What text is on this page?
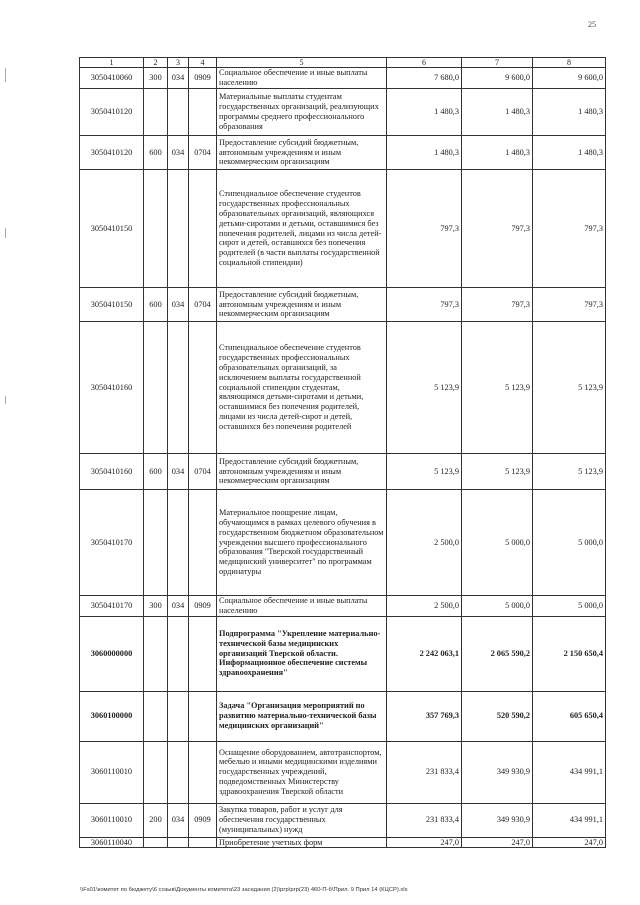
25
1	2	3	4	5	6	7	8
3050410060	300	034	0909	Социальное обеспечение и иные выплаты населению	7 680,0	9 600,0	9 600,0
3050410120				Материальные выплаты студентам государственных организаций, реализующих программы среднего профессионального образования	1 480,3	1 480,3	1 480,3
3050410120	600	034	0704	Предоставление субсидий бюджетным, автономным учреждениям и иным некоммерческим организациям	1 480,3	1 480,3	1 480,3
3050410150				Стипендиальное обеспечение студентов государственных профессиональных образовательных организаций, являющихся детьми-сиротами и детьми, оставшимися без попечения родителей, лицами из числа детей-сирот и детей, оставшихся без попечения родителей (в части выплаты государственной социальной стипендии)	797,3	797,3	797,3
3050410150	600	034	0704	Предоставление субсидий бюджетным, автономным учреждениям и иным некоммерческим организациям	797,3	797,3	797,3
3050410160				Стипендиальное обеспечение студентов государственных профессиональных образовательных организаций, за исключением выплаты государственной социальной стипендии студентам, являющимся детьми-сиротами и детьми, оставшимися без попечения родителей, лицами из числа детей-сирот и детей, оставшихся без попечения родителей	5 123,9	5 123,9	5 123,9
3050410160	600	034	0704	Предоставление субсидий бюджетным, автономным учреждениям и иным некоммерческим организациям	5 123,9	5 123,9	5 123,9
3050410170				Материальное поощрение лицам, обучающимся в рамках целевого обучения в государственном бюджетном образовательном учреждении высшего профессионального образования "Тверской государственный медицинский университет" по программам ординатуры	2 500,0	5 000,0	5 000,0
3050410170	300	034	0909	Социальное обеспечение и иные выплаты населению	2 500,0	5 000,0	5 000,0
3060000000				Подпрограмма "Укрепление материально-технической базы медицинских организаций Тверской области. Информационное обеспечение системы здравоохранения"	2 242 063,1	2 065 590,2	2 150 650,4
3060100000				Задача "Организация мероприятий по развитию материально-технической базы медицинских организаций"	357 769,3	520 590,2	605 650,4
3060110010				Оснащение оборудованием, автотранспортом, мебелью и иными медицинскими изделиями государственных учреждений, подведомственных Министерству здравоохранения Тверской области	231 833,4	349 930,9	434 991,1
3060110010	200	034	0909	Закупка товаров, работ и услуг для обеспечения государственных (муниципальных) нужд	231 833,4	349 930,9	434 991,1
3060110040				Приобретение учетных форм	247,0	247,0	247,0
\\Fs01\комитет по бюджету\6 созыв\Документы комитета\23 заседания (2)\ргр\ргр(23) 460-П-б\Прил. 9 Прил 14 (КЦСР).xls
